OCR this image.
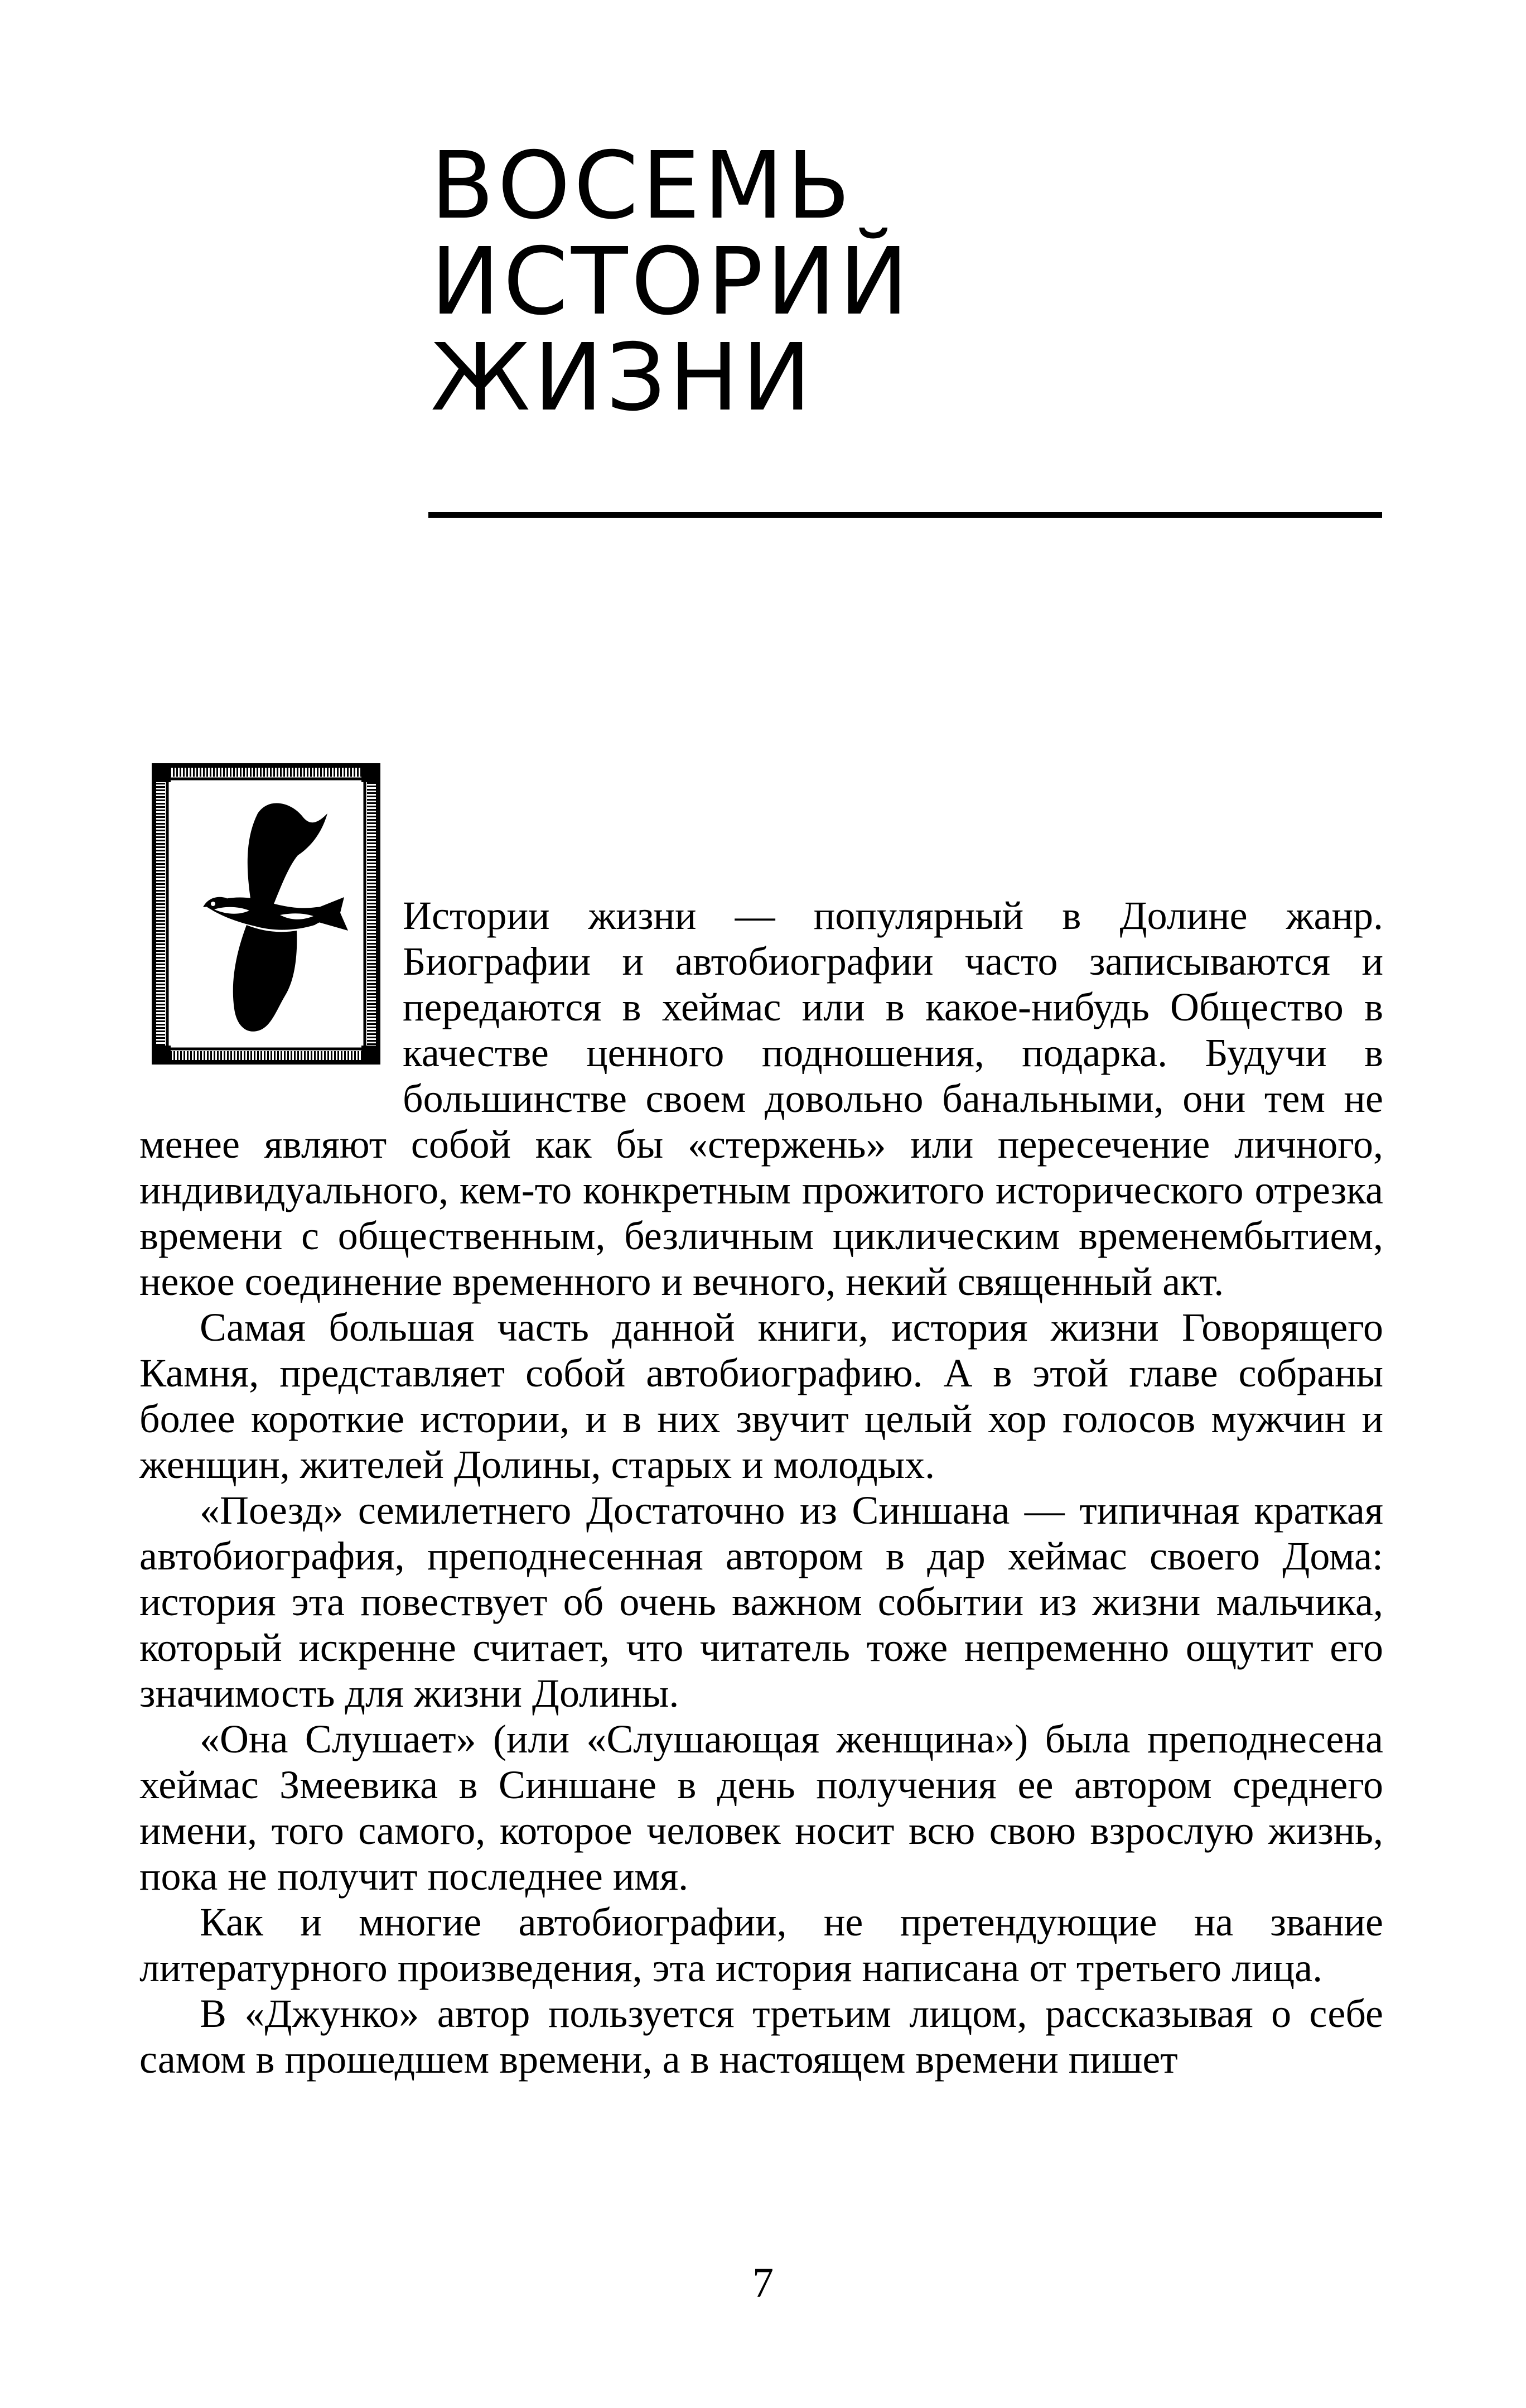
ВОСЕМЬ
ИСТОРИЙ
ЖИЗНИ

Истории жизни — популярный в Долине жанр. Биографии и автобиографии часто записываются и передаются в хеймас или в какое-нибудь Общество в качестве ценного подношения, подарка. Будучи в большинстве своем довольно банальными, они тем не менее являют собой как бы «стержень» или пересечение личного, индивидуального, кем-то конкретным прожитого исторического отрезка времени с общественным, безличным циклическим временембытием, некое соединение временного и вечного, некий священный акт.

Самая большая часть данной книги, история жизни Говорящего Камня, представляет собой автобиографию. А в этой главе собраны более короткие истории, и в них звучит целый хор голосов мужчин и женщин, жителей Долины, старых и молодых.

«Поезд» семилетнего Достаточно из Синшана — типичная краткая автобиография, преподнесенная автором в дар хеймас своего Дома: история эта повествует об очень важном событии из жизни мальчика, который искренне считает, что читатель тоже непременно ощутит его значимость для жизни Долины.

«Она Слушает» (или «Слушающая женщина») была преподнесена хеймас Змеевика в Синшане в день получения ее автором среднего имени, того самого, которое человек носит всю свою взрослую жизнь, пока не получит последнее имя.

Как и многие автобиографии, не претендующие на звание литературного произведения, эта история написана от третьего лица.

В «Джунко» автор пользуется третьим лицом, рассказывая о себе самом в прошедшем времени, а в настоящем времени пишет

7
